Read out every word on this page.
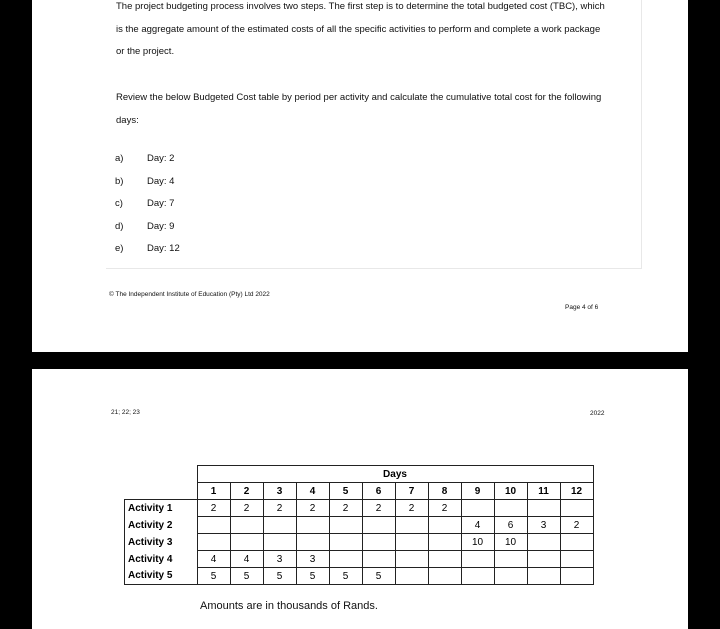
The project budgeting process involves two steps. The first step is to determine the total budgeted cost (TBC), which is the aggregate amount of the estimated costs of all the specific activities to perform and complete a work package or the project.

Review the below Budgeted Cost table by period per activity and calculate the cumulative total cost for the following days:

a)	Day: 2
b)	Day: 4
c)	Day: 7
d)	Day: 9
e)	Day: 12
© The Independent Institute of Education (Pty) Ltd 2022
Page 4 of 6
21; 22; 23	2022
	Days											
	1	2	3	4	5	6	7	8	9	10	11	12
Activity 1	2	2	2	2	2	2	2	2				
Activity 2									4	6	3	2
Activity 3									10	10		
Activity 4	4	4	3	3								
Activity 5	5	5	5	5	5	5						
Amounts are in thousands of Rands.
